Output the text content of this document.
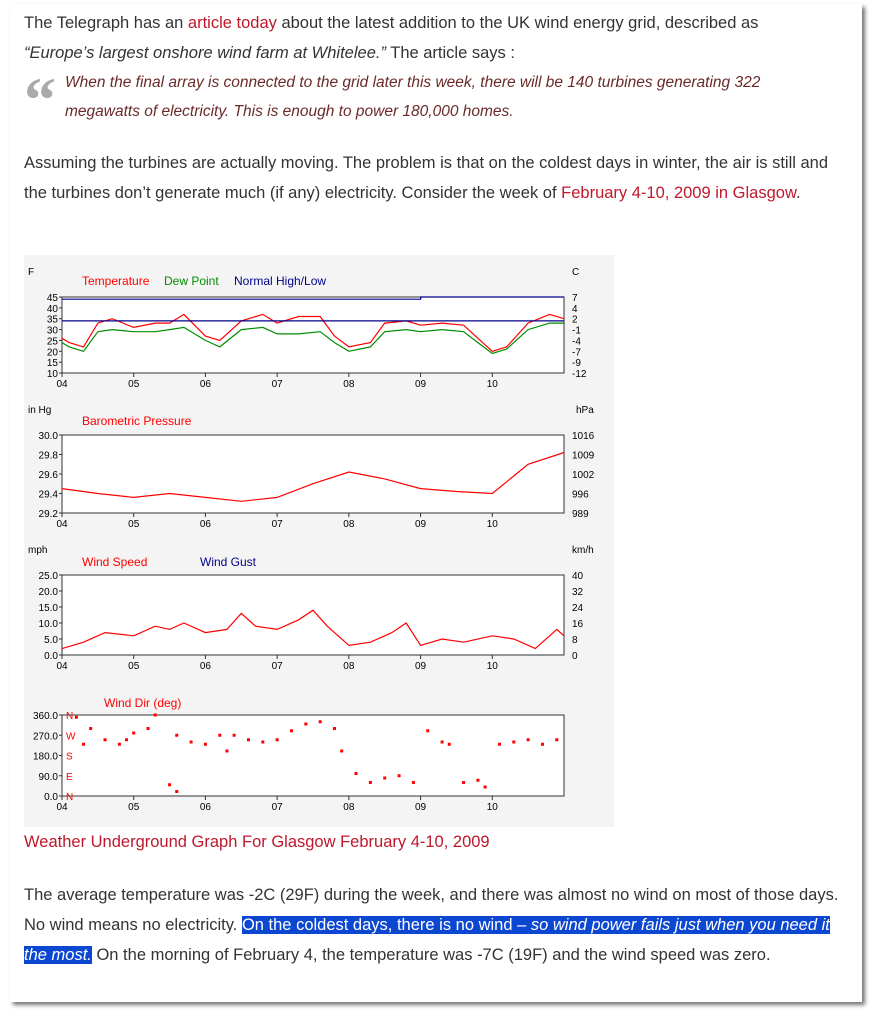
The Telegraph has an article today about the latest addition to the UK wind energy grid, described as
“Europe’s largest onshore wind farm at Whitelee.” The article says :

“ When the final array is connected to the grid later this week, there will be 140 turbines generating 322 megawatts of electricity. This is enough to power 180,000 homes.

Assuming the turbines are actually moving. The problem is that on the coldest days in winter, the air is still and the turbines don’t generate much (if any) electricity. Consider the week of February 4-10, 2009 in Glasgow.

F	C
Temperature Dew Point Normal High/Low
45
40
35
30
25
20
15
10
7
4
2
-1
-4
-7
-9
-12
04	05	06	07	08	09	10
in Hg	hPa
Barometric Pressure
30.0
29.8
29.6
29.4
29.2
1016
1009
1002
996
989
04	05	06	07	08	09	10
mph	km/h
Wind Speed	Wind Gust
25.0
20.0
15.0
10.0
5.0
0.0
40
32
24
16
8
0
04	05	06	07	08	09	10
Wind Dir (deg)
360.0
270.0
180.0
90.0
0.0
N
W
S
E
N
04	05	06	07	08	09	10
Weather Underground Graph For Glasgow February 4-10, 2009

The average temperature was -2C (29F) during the week, and there was almost no wind on most of those days. No wind means no electricity. On the coldest days, there is no wind – so wind power fails just when you need it the most. On the morning of February 4, the temperature was -7C (19F) and the wind speed was zero.
